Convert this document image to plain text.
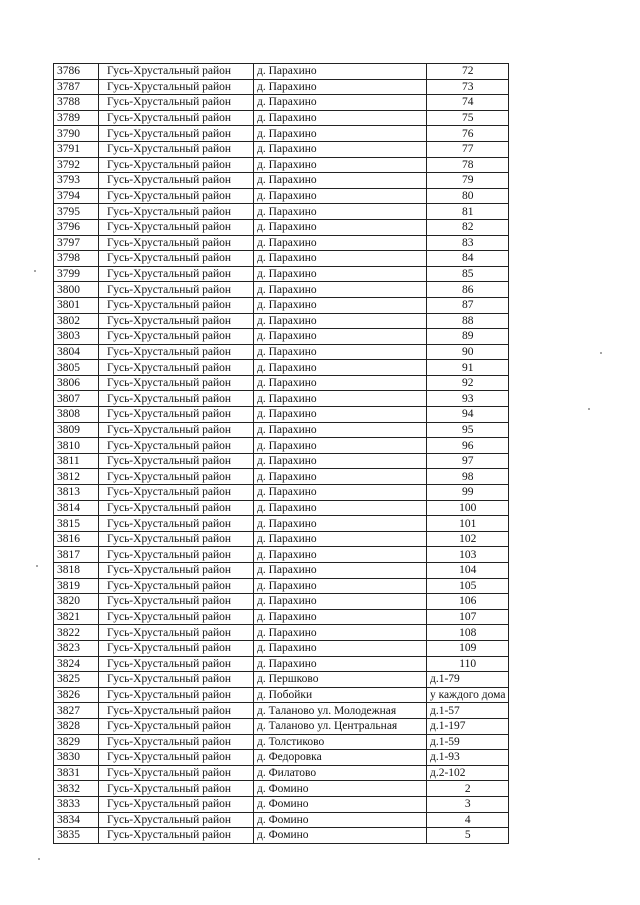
3786	Гусь-Хрустальный район	д. Парахино	72
3787	Гусь-Хрустальный район	д. Парахино	73
3788	Гусь-Хрустальный район	д. Парахино	74
3789	Гусь-Хрустальный район	д. Парахино	75
3790	Гусь-Хрустальный район	д. Парахино	76
3791	Гусь-Хрустальный район	д. Парахино	77
3792	Гусь-Хрустальный район	д. Парахино	78
3793	Гусь-Хрустальный район	д. Парахино	79
3794	Гусь-Хрустальный район	д. Парахино	80
3795	Гусь-Хрустальный район	д. Парахино	81
3796	Гусь-Хрустальный район	д. Парахино	82
3797	Гусь-Хрустальный район	д. Парахино	83
3798	Гусь-Хрустальный район	д. Парахино	84
3799	Гусь-Хрустальный район	д. Парахино	85
3800	Гусь-Хрустальный район	д. Парахино	86
3801	Гусь-Хрустальный район	д. Парахино	87
3802	Гусь-Хрустальный район	д. Парахино	88
3803	Гусь-Хрустальный район	д. Парахино	89
3804	Гусь-Хрустальный район	д. Парахино	90
3805	Гусь-Хрустальный район	д. Парахино	91
3806	Гусь-Хрустальный район	д. Парахино	92
3807	Гусь-Хрустальный район	д. Парахино	93
3808	Гусь-Хрустальный район	д. Парахино	94
3809	Гусь-Хрустальный район	д. Парахино	95
3810	Гусь-Хрустальный район	д. Парахино	96
3811	Гусь-Хрустальный район	д. Парахино	97
3812	Гусь-Хрустальный район	д. Парахино	98
3813	Гусь-Хрустальный район	д. Парахино	99
3814	Гусь-Хрустальный район	д. Парахино	100
3815	Гусь-Хрустальный район	д. Парахино	101
3816	Гусь-Хрустальный район	д. Парахино	102
3817	Гусь-Хрустальный район	д. Парахино	103
3818	Гусь-Хрустальный район	д. Парахино	104
3819	Гусь-Хрустальный район	д. Парахино	105
3820	Гусь-Хрустальный район	д. Парахино	106
3821	Гусь-Хрустальный район	д. Парахино	107
3822	Гусь-Хрустальный район	д. Парахино	108
3823	Гусь-Хрустальный район	д. Парахино	109
3824	Гусь-Хрустальный район	д. Парахино	110
3825	Гусь-Хрустальный район	д. Першково	д.1-79
3826	Гусь-Хрустальный район	д. Побойки	у каждого дома
3827	Гусь-Хрустальный район	д. Таланово ул. Молодежная	д.1-57
3828	Гусь-Хрустальный район	д. Таланово ул. Центральная	д.1-197
3829	Гусь-Хрустальный район	д. Толстиково	д.1-59
3830	Гусь-Хрустальный район	д. Федоровка	д.1-93
3831	Гусь-Хрустальный район	д. Филатово	д.2-102
3832	Гусь-Хрустальный район	д. Фомино	2
3833	Гусь-Хрустальный район	д. Фомино	3
3834	Гусь-Хрустальный район	д. Фомино	4
3835	Гусь-Хрустальный район	д. Фомино	5
